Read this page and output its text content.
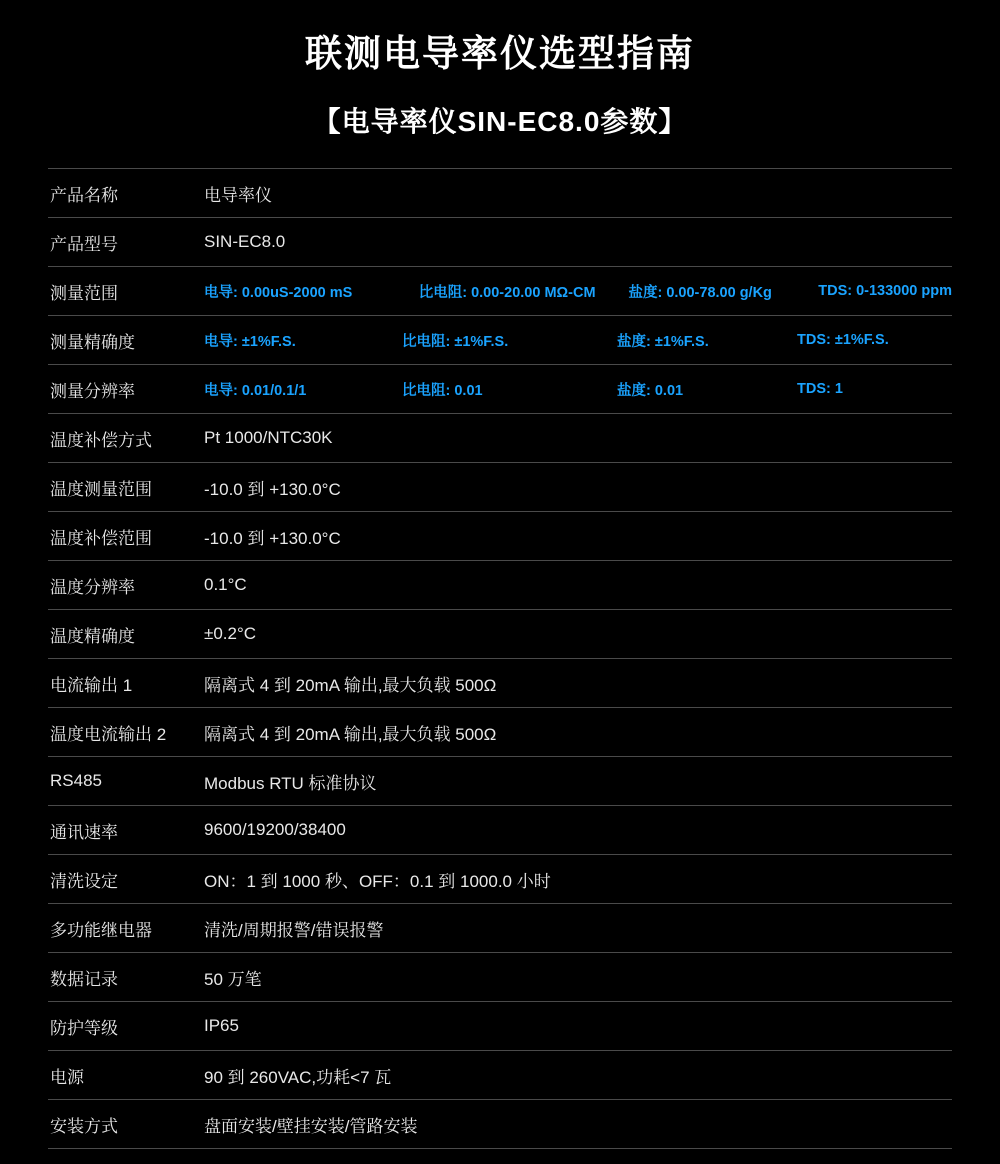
联测电导率仪选型指南
【电导率仪SIN-EC8.0参数】
产品名称	电导率仪
产品型号	SIN-EC8.0
测量范围	电导: 0.00uS-2000 mS 比电阻: 0.00-20.00 MΩ-CM 盐度: 0.00-78.00 g/Kg TDS: 0-133000 ppm

测量精确度	电导: ±1%F.S. 比电阻: ±1%F.S. 盐度: ±1%F.S. TDS: ±1%F.S.

测量分辨率	电导: 0.01/0.1/1 比电阻: 0.01 盐度: 0.01 TDS: 1

温度补偿方式	Pt 1000/NTC30K
温度测量范围	-10.0 到 +130.0°C
温度补偿范围	-10.0 到 +130.0°C
温度分辨率	0.1°C
温度精确度	±0.2°C
电流输出 1	隔离式 4 到 20mA 输出,最大负载 500Ω
温度电流输出 2	隔离式 4 到 20mA 输出,最大负载 500Ω
RS485	Modbus RTU 标准协议
通讯速率	9600/19200/38400
清洗设定	ON：1 到 1000 秒、OFF：0.1 到 1000.0 小时
多功能继电器	清洗/周期报警/错误报警
数据记录	50 万笔
防护等级	IP65
电源	90 到 260VAC,功耗<7 瓦
安装方式	盘面安装/壁挂安装/管路安装
